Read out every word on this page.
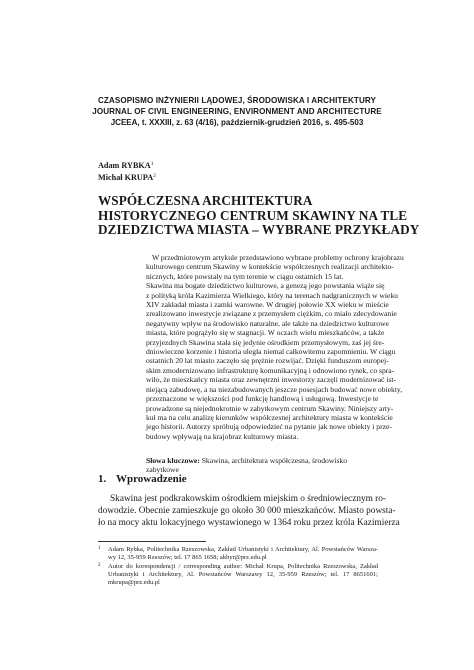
CZASOPISMO INŻYNIERII LĄDOWEJ, ŚRODOWISKA I ARCHITEKTURY
JOURNAL OF CIVIL ENGINEERING, ENVIRONMENT AND ARCHITECTURE
JCEEA, t. XXXIII, z. 63 (4/16), październik-grudzień 2016, s. 495-503
Adam RYBKA$^1$
Michał KRUPA$^2$
WSPÓŁCZESNA ARCHITEKTURA
HISTORYCZNEGO CENTRUM SKAWINY NA TLE
DZIEDZICTWA MIASTA – WYBRANE PRZYKŁADY
W przedmiotowym artykule przedstawiono wybrane problemy ochrony krajobrazu
kulturowego centrum Skawiny w kontekście współczesnych realizacji architekto-
nicznych, które powstały na tym terenie w ciągu ostatnich 15 lat.
Skawina ma bogate dziedzictwo kulturowe, a genezą jego powstania wiąże się
z polityką króla Kazimierza Wielkiego, który na terenach nadgranicznych w wieku
XIV zakładał miasta i zamki warowne. W drugiej połowie XX wieku w mieście
zrealizowano inwestycje związane z przemysłem ciężkim, co miało zdecydowanie
negatywny wpływ na środowisko naturalne, ale także na dziedzictwo kulturowe
miasta, które pogrążyło się w stagnacji. W oczach wielu mieszkańców, a także
przyjezdnych Skawina stała się jedynie ośrodkiem przemysłowym, zaś jej śre-
dniowieczne korzenie i historia uległa niemal całkowitemu zapomnieniu. W ciągu
ostatnich 20 lat miasto zaczęło się prężnie rozwijać. Dzięki funduszom europej-
skim zmodernizowano infrastrukturę komunikacyjną i odnowiono rynek, co spra-
wiło, że mieszkańcy miasta oraz zewnętrzni inwestorzy zaczęli modernizować ist-
niejącą zabudowę, a na niezabudowanych jeszcze posesjach budować nowe obiekty,
przeznaczone w większości pod funkcję handlową i usługową. Inwestycje te
prowadzone są niejednokrotnie w zabytkowym centrum Skawiny. Niniejszy arty-
kuł ma na celu analizę kierunków współczesnej architektury miasta w kontekście
jego historii. Autorzy spróbują odpowiedzieć na pytanie jak nowe obiekty i prze-
budowy wpływają na krajobraz kulturowy miasta.
Słowa kluczowe: Skawina, architektura współczesna, środowisko zabytkowe
1. Wprowadzenie
Skawina jest podkrakowskim ośrodkiem miejskim o średniowiecznym ro-
dowodzie. Obecnie zamieszkuje go około 30 000 mieszkańców. Miasto powsta-
ło na mocy aktu lokacyjnego wystawionego w 1364 roku przez króla Kazimierza
1 Adam Rybka, Politechnika Rzeszowska, Zakład Urbanistyki i Architektury, Al. Powstańców Warsza-
wy 12, 35-959 Rzeszów; tel. 17 865 1658; akbyr@prz.edu.pl
2 Autor do korespondencji / corresponding author: Michał Krupa, Politechnika Rzeszowska, Zakład
Urbanistyki i Architektury, Al. Powstańców Warszawy 12, 35-959 Rzeszów; tel. 17 8651691;
mkrupa@prz.edu.pl
